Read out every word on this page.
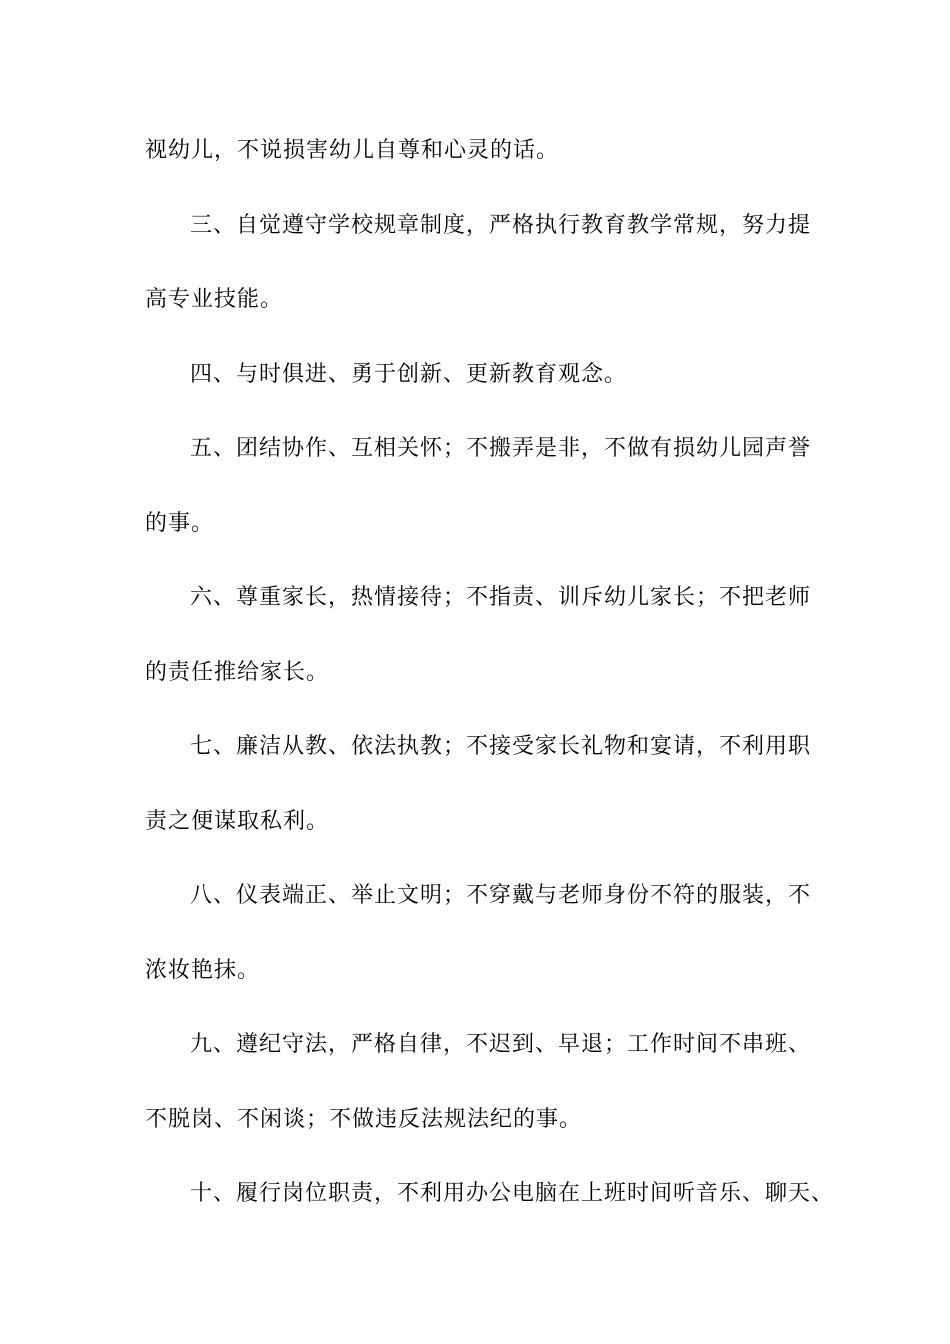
视幼儿，不说损害幼儿自尊和心灵的话。

三、自觉遵守学校规章制度，严格执行教育教学常规，努力提

高专业技能。

四、与时俱进、勇于创新、更新教育观念。

五、团结协作、互相关怀；不搬弄是非，不做有损幼儿园声誉

的事。

六、尊重家长，热情接待；不指责、训斥幼儿家长；不把老师

的责任推给家长。

七、廉洁从教、依法执教；不接受家长礼物和宴请，不利用职

责之便谋取私利。

八、仪表端正、举止文明；不穿戴与老师身份不符的服装，不

浓妆艳抹。

九、遵纪守法，严格自律，不迟到、早退；工作时间不串班、

不脱岗、不闲谈；不做违反法规法纪的事。

十、履行岗位职责，不利用办公电脑在上班时间听音乐、聊天、
